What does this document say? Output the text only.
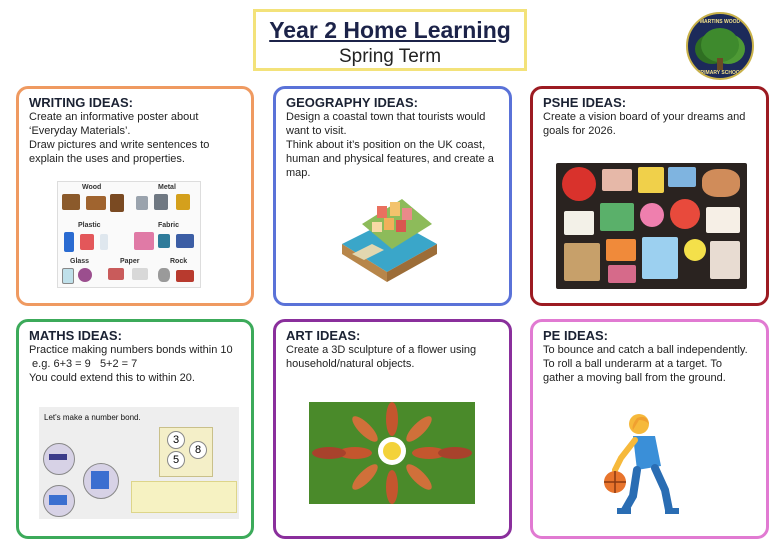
Year 2 Home Learning
Spring Term
MARTINS WOOD
PRIMARY SCHOOL
WRITING IDEAS:
Create an informative poster about
‘Everyday Materials’.
Draw pictures and write sentences to
explain the uses and properties.
Wood	Metal
Plastic	Fabric
Glass	Paper	Rock
GEOGRAPHY IDEAS:
Design a coastal town that tourists would
want to visit.
Think about it’s position on the UK coast,
human and physical features, and create a
map.
PSHE IDEAS:
Create a vision board of your dreams and
goals for 2026.
MATHS IDEAS:
Practice making numbers bonds within 10
e.g. 6+3 = 9   5+2 = 7
You could extend this to within 20.
Let's make a number bond.
3
5
8
ART IDEAS:
Create a 3D sculpture of a flower using
household/natural objects.
PE IDEAS:
To bounce and catch a ball independently.
To roll a ball underarm at a target. To
gather a moving ball from the ground.
